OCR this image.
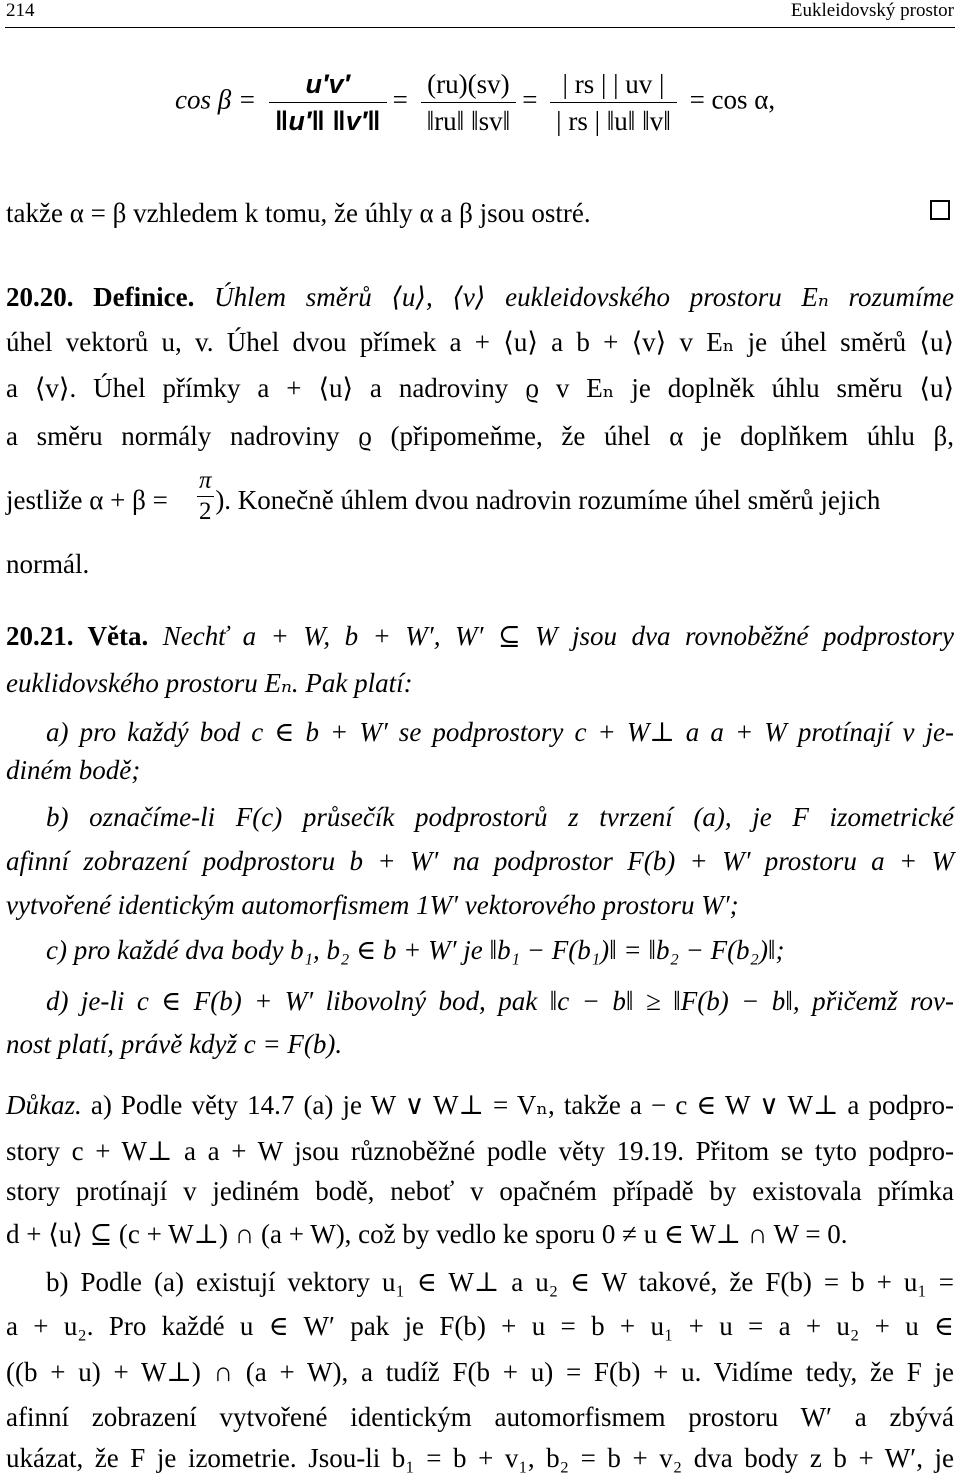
214	Eukleidovský prostor
$\cos \beta = \frac{u'v'}{‖u'‖ ‖v'‖} = \frac{(ru)(sv)}{‖ru‖ ‖sv‖} = \frac{| rs | | uv |}{| rs | ‖u‖ ‖v‖} = \cos \alpha$,
takže α = β vzhledem k tomu, že úhly α a β jsou ostré.
20.20. Definice. Úhlem směrů ⟨u⟩, ⟨v⟩ eukleidovského prostoru Eₙ rozumíme
úhel vektorů u, v. Úhel dvou přímek a + ⟨u⟩ a b + ⟨v⟩ v Eₙ je úhel směrů ⟨u⟩
a ⟨v⟩. Úhel přímky a + ⟨u⟩ a nadroviny ϱ v Eₙ je doplněk úhlu směru ⟨u⟩
a směru normály nadroviny ϱ (připomeňme, že úhel α je doplňkem úhlu β,
jestliže α + β = ). Konečně úhlem dvou nadrovin rozumíme úhel směrů jejich
$\frac{\pi}{2}$
normál.
20.21. Věta. Nechť a + W, b + W′, W′ ⊆ W jsou dva rovnoběžné podprostory
euklidovského prostoru Eₙ. Pak platí:
a) pro každý bod c ∈ b + W′ se podprostory c + W⊥ a a + W protínají v je-
diném bodě;
b) označíme-li F(c) průsečík podprostorů z tvrzení (a), je F izometrické
afinní zobrazení podprostoru b + W′ na podprostor F(b) + W′ prostoru a + W
vytvořené identickým automorfismem 1W′ vektorového prostoru W′;
c) pro každé dva body b₁, b₂ ∈ b + W′ je ‖b₁ − F(b₁)‖ = ‖b₂ − F(b₂)‖;
d) je-li c ∈ F(b) + W′ libovolný bod, pak ‖c − b‖ ≥ ‖F(b) − b‖, přičemž rov-
nost platí, právě když c = F(b).
Důkaz. a) Podle věty 14.7 (a) je W ∨ W⊥ = Vₙ, takže a − c ∈ W ∨ W⊥ a podpro-
story c + W⊥ a a + W jsou různoběžné podle věty 19.19. Přitom se tyto podpro-
story protínají v jediném bodě, neboť v opačném případě by existovala přímka
d + ⟨u⟩ ⊆ (c + W⊥) ∩ (a + W), což by vedlo ke sporu 0 ≠ u ∈ W⊥ ∩ W = 0.
b) Podle (a) existují vektory u₁ ∈ W⊥ a u₂ ∈ W takové, že F(b) = b + u₁ =
a + u₂. Pro každé u ∈ W′ pak je F(b) + u = b + u₁ + u = a + u₂ + u ∈
((b + u) + W⊥) ∩ (a + W), a tudíž F(b + u) = F(b) + u. Vidíme tedy, že F je
afinní zobrazení vytvořené identickým automorfismem prostoru W′ a zbývá
ukázat, že F je izometrie. Jsou-li b₁ = b + v₁, b₂ = b + v₂ dva body z b + W′, je
